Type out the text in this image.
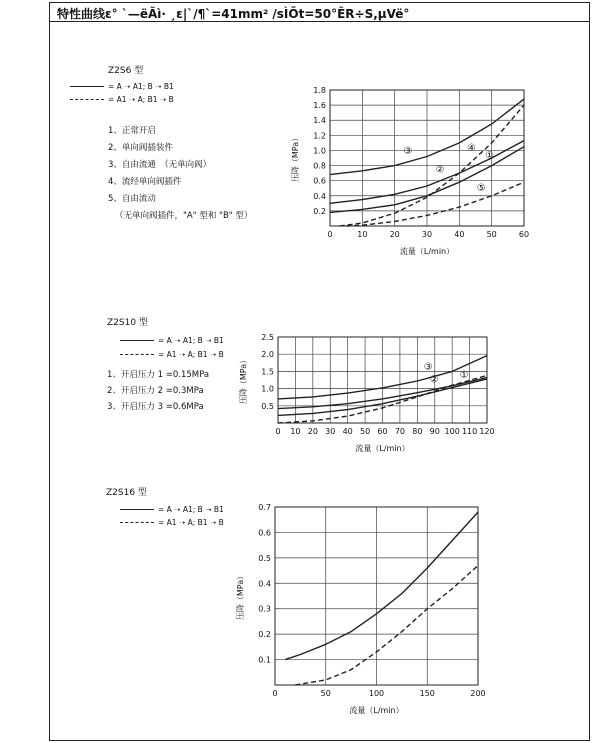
特性曲线ε° `—ëÃì· ¸ε|`/¶`=41mm² /sÌÕt=50°ÊR÷S,µVë°
Z2S6 型
= A ➝ A1; B ➝ B1
= A1 ➝ A; B1 ➝ B
1、正常开启
2、单向阀插装件
3、自由流通　（无单向阀）
4、流经单向阀插件
5、自由流动
（无单向阀插件，"A" 型和 "B" 型）
Z2S10 型
= A ➝ A1; B ➝ B1
= A1 ➝ A; B1 ➝ B
1、开启压力 1 =0.15MPa
2、开启压力 2 =0.3MPa
3、开启压力 3 =0.6MPa
Z2S16 型
= A ➝ A1; B ➝ B1
= A1 ➝ A; B1 ➝ B
0	10	20	30	40	50	60
0.2
0.4
0.6
0.8
1.0
1.2
1.4
1.6
1.8
流量（L/min）
压降（MPa）	③
②
①
④
⑤
0 10 20 30 40 50 60 70 80 90 100 110 120
0.5
1.0
1.5
2.0
2.5
流量（L/min）
压降（MPa）	③
② ①
0	50	100	150	200
0.1
0.2
0.3
0.4
0.5
0.6
0.7
流量（L/min）
压降（MPa）
